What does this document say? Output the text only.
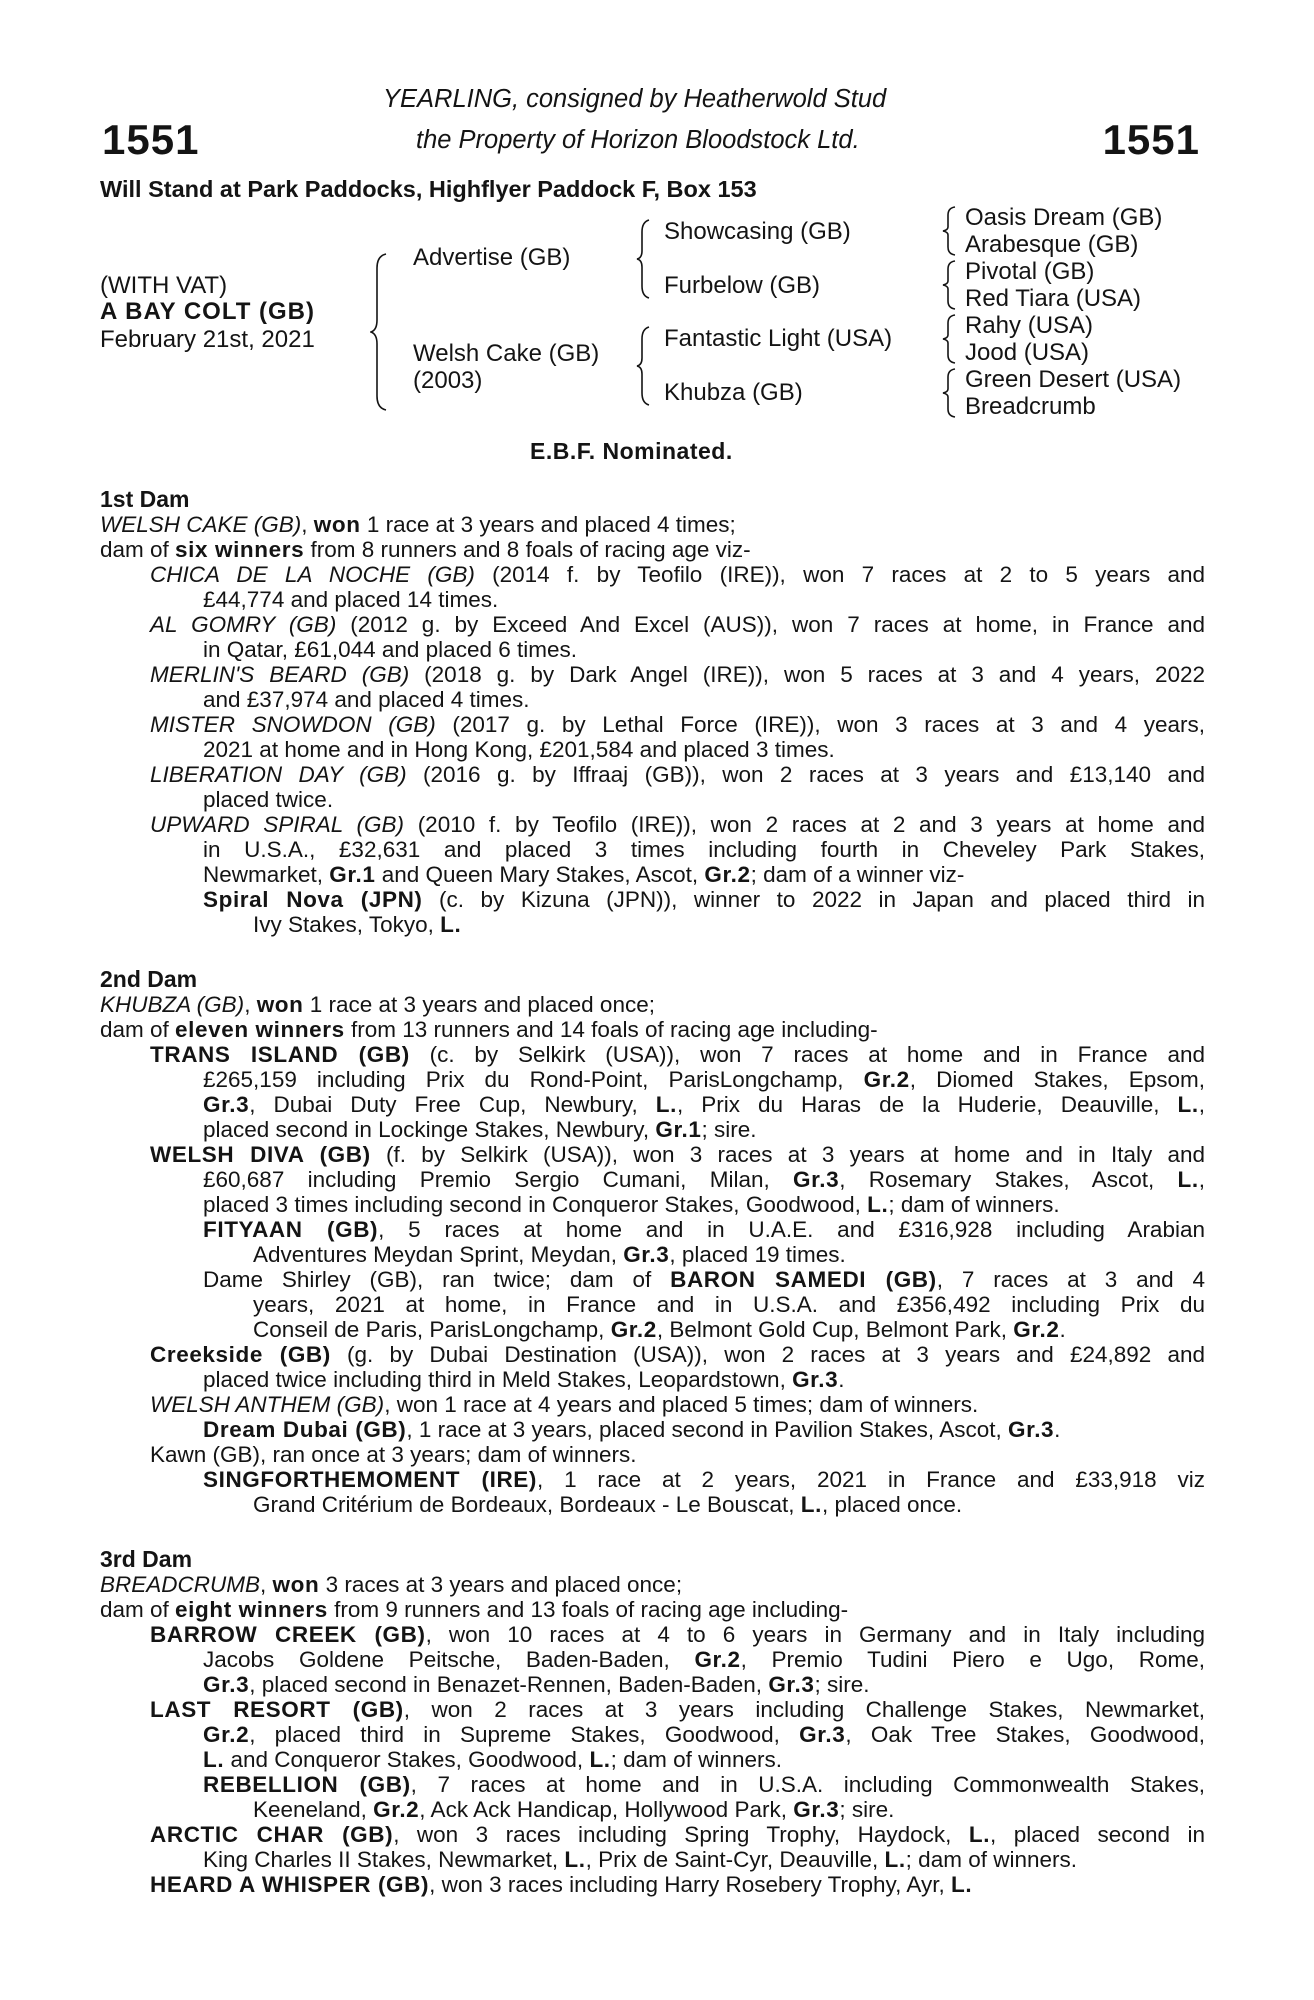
1551	1551
YEARLING, consigned by Heatherwold Stud
the Property of Horizon Bloodstock Ltd.
Will Stand at Park Paddocks, Highflyer Paddock F, Box 153
(WITH VAT)
A BAY COLT (GB)
February 21st, 2021
Advertise (GB)
Welsh Cake (GB)
(2003)
Showcasing (GB)
Furbelow (GB)
Fantastic Light (USA)
Khubza (GB)
Oasis Dream (GB)
Arabesque (GB)
Pivotal (GB)
Red Tiara (USA)
Rahy (USA)
Jood (USA)
Green Desert (USA)
Breadcrumb
E.B.F. Nominated.
1st Dam
WELSH CAKE (GB), won 1 race at 3 years and placed 4 times;
dam of six winners from 8 runners and 8 foals of racing age viz-
CHICA DE LA NOCHE (GB) (2014 f. by Teofilo (IRE)), won 7 races at 2 to 5 years and
£44,774 and placed 14 times.
AL GOMRY (GB) (2012 g. by Exceed And Excel (AUS)), won 7 races at home, in France and
in Qatar, £61,044 and placed 6 times.
MERLIN'S BEARD (GB) (2018 g. by Dark Angel (IRE)), won 5 races at 3 and 4 years, 2022
and £37,974 and placed 4 times.
MISTER SNOWDON (GB) (2017 g. by Lethal Force (IRE)), won 3 races at 3 and 4 years,
2021 at home and in Hong Kong, £201,584 and placed 3 times.
LIBERATION DAY (GB) (2016 g. by Iffraaj (GB)), won 2 races at 3 years and £13,140 and
placed twice.
UPWARD SPIRAL (GB) (2010 f. by Teofilo (IRE)), won 2 races at 2 and 3 years at home and
in U.S.A., £32,631 and placed 3 times including fourth in Cheveley Park Stakes,
Newmarket, Gr.1 and Queen Mary Stakes, Ascot, Gr.2; dam of a winner viz-
Spiral Nova (JPN) (c. by Kizuna (JPN)), winner to 2022 in Japan and placed third in
Ivy Stakes, Tokyo, L.
2nd Dam
KHUBZA (GB), won 1 race at 3 years and placed once;
dam of eleven winners from 13 runners and 14 foals of racing age including-
TRANS ISLAND (GB) (c. by Selkirk (USA)), won 7 races at home and in France and
£265,159 including Prix du Rond-Point, ParisLongchamp, Gr.2, Diomed Stakes, Epsom,
Gr.3, Dubai Duty Free Cup, Newbury, L., Prix du Haras de la Huderie, Deauville, L.,
placed second in Lockinge Stakes, Newbury, Gr.1; sire.
WELSH DIVA (GB) (f. by Selkirk (USA)), won 3 races at 3 years at home and in Italy and
£60,687 including Premio Sergio Cumani, Milan, Gr.3, Rosemary Stakes, Ascot, L.,
placed 3 times including second in Conqueror Stakes, Goodwood, L.; dam of winners.
FITYAAN (GB), 5 races at home and in U.A.E. and £316,928 including Arabian
Adventures Meydan Sprint, Meydan, Gr.3, placed 19 times.
Dame Shirley (GB), ran twice; dam of BARON SAMEDI (GB), 7 races at 3 and 4
years, 2021 at home, in France and in U.S.A. and £356,492 including Prix du
Conseil de Paris, ParisLongchamp, Gr.2, Belmont Gold Cup, Belmont Park, Gr.2.
Creekside (GB) (g. by Dubai Destination (USA)), won 2 races at 3 years and £24,892 and
placed twice including third in Meld Stakes, Leopardstown, Gr.3.
WELSH ANTHEM (GB), won 1 race at 4 years and placed 5 times; dam of winners.
Dream Dubai (GB), 1 race at 3 years, placed second in Pavilion Stakes, Ascot, Gr.3.
Kawn (GB), ran once at 3 years; dam of winners.
SINGFORTHEMOMENT (IRE), 1 race at 2 years, 2021 in France and £33,918 viz
Grand Critérium de Bordeaux, Bordeaux - Le Bouscat, L., placed once.
3rd Dam
BREADCRUMB, won 3 races at 3 years and placed once;
dam of eight winners from 9 runners and 13 foals of racing age including-
BARROW CREEK (GB), won 10 races at 4 to 6 years in Germany and in Italy including
Jacobs Goldene Peitsche, Baden-Baden, Gr.2, Premio Tudini Piero e Ugo, Rome,
Gr.3, placed second in Benazet-Rennen, Baden-Baden, Gr.3; sire.
LAST RESORT (GB), won 2 races at 3 years including Challenge Stakes, Newmarket,
Gr.2, placed third in Supreme Stakes, Goodwood, Gr.3, Oak Tree Stakes, Goodwood,
L. and Conqueror Stakes, Goodwood, L.; dam of winners.
REBELLION (GB), 7 races at home and in U.S.A. including Commonwealth Stakes,
Keeneland, Gr.2, Ack Ack Handicap, Hollywood Park, Gr.3; sire.
ARCTIC CHAR (GB), won 3 races including Spring Trophy, Haydock, L., placed second in
King Charles II Stakes, Newmarket, L., Prix de Saint-Cyr, Deauville, L.; dam of winners.
HEARD A WHISPER (GB), won 3 races including Harry Rosebery Trophy, Ayr, L.
